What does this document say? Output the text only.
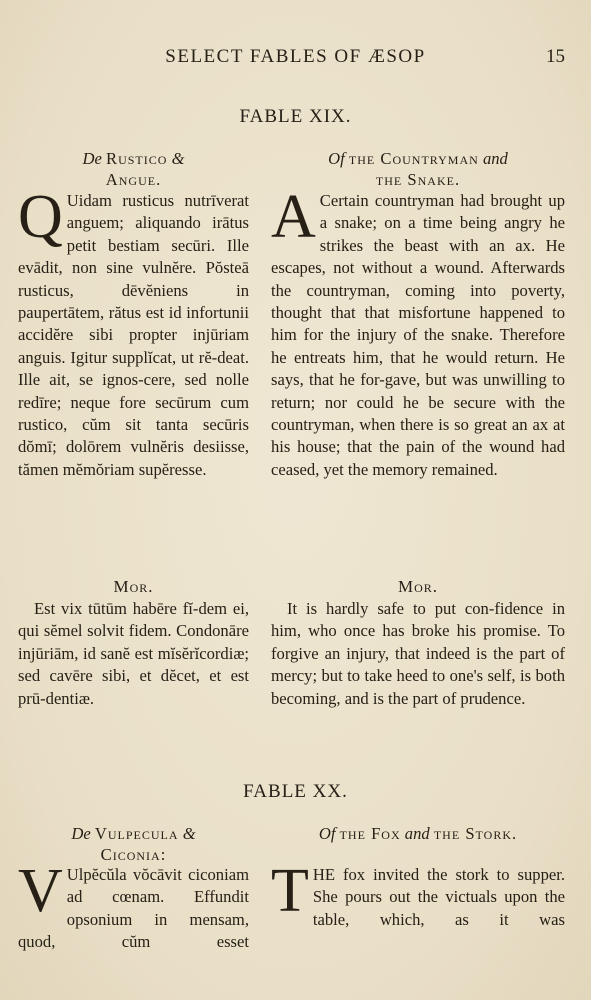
SELECT FABLES OF ÆSOP	15
FABLE XIX.
De Rustico &
Angue.
Of the Countryman and
the Snake.
Q Uidam rusticus nutrīverat anguem; aliquando irātus petit bestiam secūri. Ille evādit, non sine vulnĕre. Pŏsteā rusticus, dēvĕniens in paupertātem, rătus est id infortunii accidĕre sibi propter injūriam anguis. Igitur supplĭcat, ut rĕ-deat. Ille ait, se ignos-cere, sed nolle redīre; neque fore secūrum cum rustico, cŭm sit tanta secūris dŏmī; dolōrem vulnĕris desiisse, tămen mĕmŏriam supĕresse.
A Certain countryman had brought up a snake; on a time being angry he strikes the beast with an ax. He escapes, not without a wound. Afterwards the countryman, coming into poverty, thought that that misfortune happened to him for the injury of the snake. Therefore he entreats him, that he would return. He says, that he for-gave, but was unwilling to return; nor could he be secure with the countryman, when there is so great an ax at his house; that the pain of the wound had ceased, yet the memory remained.
Mor.
Est vix tūtūm habēre fĭ-dem ei, qui sĕmel solvit fidem. Condonāre injūriām, id sanĕ est mĭsĕrĭcordiæ; sed cavēre sibi, et dĕcet, et est prū-dentiæ.
Mor.
It is hardly safe to put con-fidence in him, who once has broke his promise. To forgive an injury, that indeed is the part of mercy; but to take heed to one's self, is both becoming, and is the part of prudence.
FABLE XX.
De Vulpecula &
Ciconia:
Of the Fox and the Stork.
V Ulpĕcŭla vŏcāvit ciconiam ad cœnam. Effundit opsonium in mensam, quod, cŭm esset
T HE fox invited the stork to supper. She pours out the victuals upon the table, which, as it was
